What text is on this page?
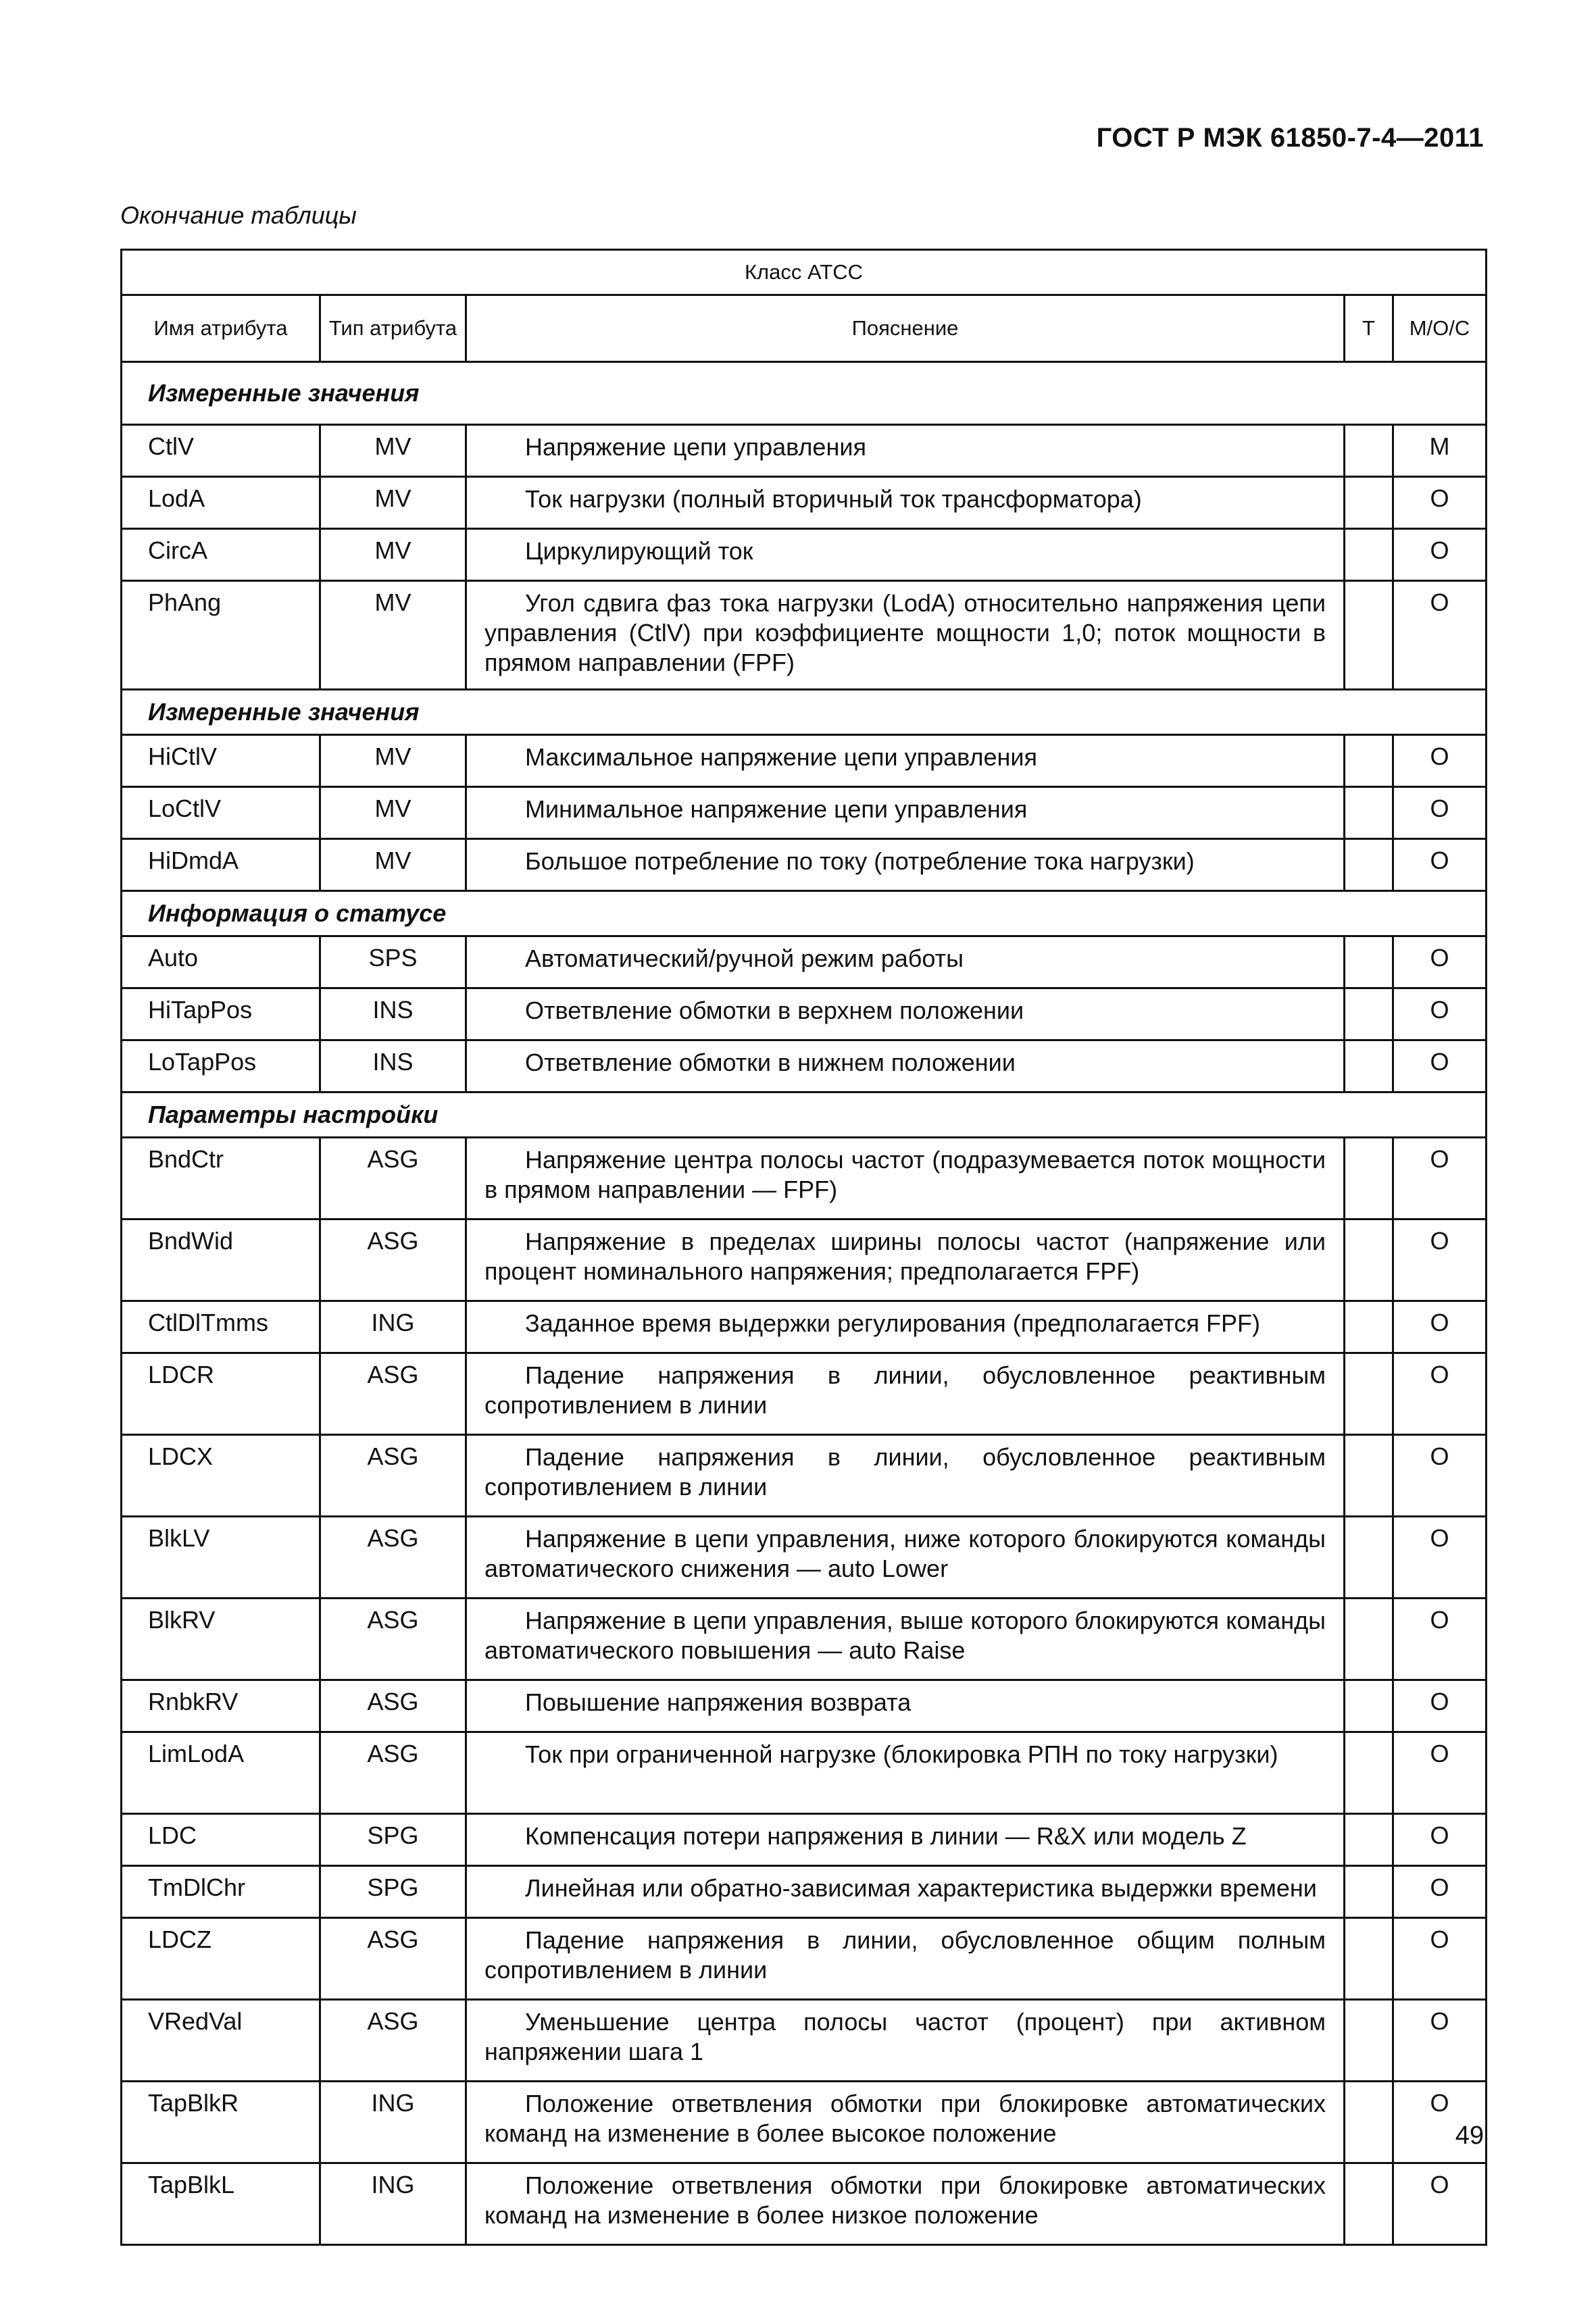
ГОСТ Р МЭК 61850-7-4—2011
Окончание таблицы
Класс ATCC				
Имя атрибута	Тип атрибута	Пояснение	T	M/O/C
Измеренные значения				
CtlV	MV	Напряжение цепи управления		M
LodA	MV	Ток нагрузки (полный вторичный ток трансформатора)		O
CircA	MV	Циркулирующий ток		O
PhAng	MV	Угол сдвига фаз тока нагрузки (LodA) относительно напряжения цепи управления (CtlV) при коэффициенте мощности 1,0; поток мощности в прямом направлении (FPF)		O
Измеренные значения				
HiCtlV	MV	Максимальное напряжение цепи управления		O
LoCtlV	MV	Минимальное напряжение цепи управления		O
HiDmdA	MV	Большое потребление по току (потребление тока нагрузки)		O
Информация о статусе				
Auto	SPS	Автоматический/ручной режим работы		O
HiTapPos	INS	Ответвление обмотки в верхнем положении		O
LoTapPos	INS	Ответвление обмотки в нижнем положении		O
Параметры настройки				
BndCtr	ASG	Напряжение центра полосы частот (подразумевается поток мощности в прямом направлении — FPF)		O
BndWid	ASG	Напряжение в пределах ширины полосы частот (напряжение или процент номинального напряжения; предполагается FPF)		O
CtlDlTmms	ING	Заданное время выдержки регулирования (предполагается FPF)		O
LDCR	ASG	Падение напряжения в линии, обусловленное реактивным сопротивлением в линии		O
LDCX	ASG	Падение напряжения в линии, обусловленное реактивным сопротивлением в линии		O
BlkLV	ASG	Напряжение в цепи управления, ниже которого блокируются команды автоматического снижения — auto Lower		O
BlkRV	ASG	Напряжение в цепи управления, выше которого блокируются команды автоматического повышения — auto Raise		O
RnbkRV	ASG	Повышение напряжения возврата		O
LimLodA	ASG	Ток при ограниченной нагрузке (блокировка РПН по току нагрузки)		O
LDC	SPG	Компенсация потери напряжения в линии — R&X или модель Z		O
TmDlChr	SPG	Линейная или обратно-зависимая характеристика выдержки времени		O
LDCZ	ASG	Падение напряжения в линии, обусловленное общим полным сопротивлением в линии		O
VRedVal	ASG	Уменьшение центра полосы частот (процент) при активном напряжении шага 1		O
TapBlkR	ING	Положение ответвления обмотки при блокировке автоматических команд на изменение в более высокое положение		O
TapBlkL	ING	Положение ответвления обмотки при блокировке автоматических команд на изменение в более низкое положение		O
49
